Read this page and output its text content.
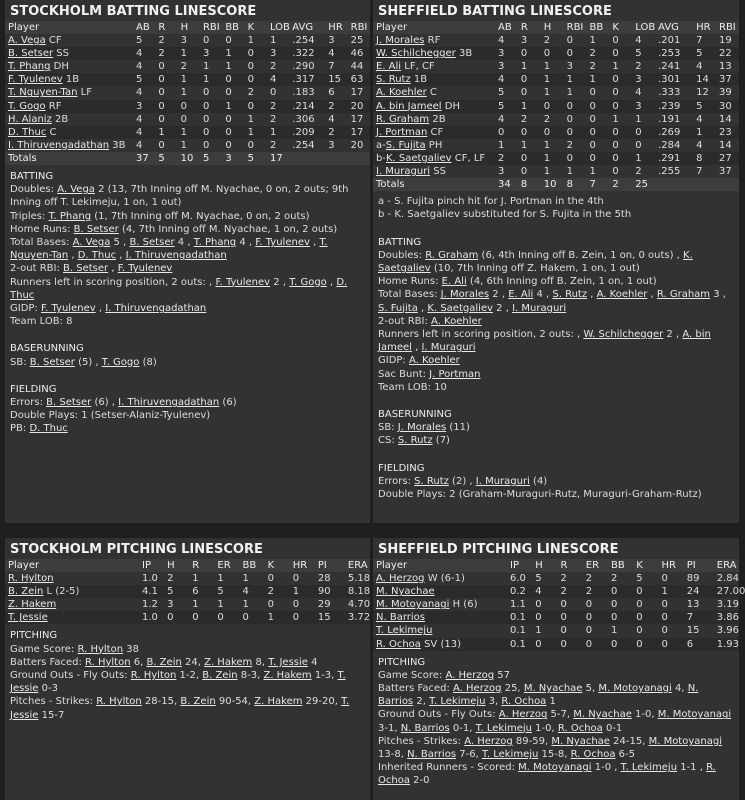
STOCKHOLM BATTING LINESCORE
Player	AB	R	H	RBI	BB	K	LOB	AVG	HR	RBI
A. Vega CF	5	2	3	0	0	1	1	.254	3	25
B. Setser SS	4	2	1	3	1	0	3	.322	4	46
T. Phang DH	4	0	2	1	1	0	2	.290	7	44
F. Tyulenev 1B	5	0	1	1	0	0	4	.317	15	63
T. Nguyen-Tan LF	4	0	1	0	0	2	0	.183	6	17
T. Gogo RF	3	0	0	0	1	0	2	.214	2	20
H. Alaniz 2B	4	0	0	0	0	1	2	.306	4	17
D. Thuc C	4	1	1	0	0	1	1	.209	2	17
I. Thiruvengadathan 3B	4	0	1	0	0	0	2	.254	3	20
Totals	37	5	10	5	3	5	17			
BATTING
Doubles: A. Vega 2 (13, 7th Inning off M. Nyachae, 0 on, 2 outs; 9th Inning off T. Lekimeju, 1 on, 1 out)
Triples: T. Phang (1, 7th Inning off M. Nyachae, 0 on, 2 outs)
Home Runs: B. Setser (4, 7th Inning off M. Nyachae, 1 on, 2 outs)
Total Bases: A. Vega 5 , B. Setser 4 , T. Phang 4 , F. Tyulenev , T. Nguyen-Tan , D. Thuc , I. Thiruvengadathan
2-out RBI: B. Setser , F. Tyulenev
Runners left in scoring position, 2 outs: , F. Tyulenev 2 , T. Gogo , D. Thuc
GIDP: F. Tyulenev , I. Thiruvengadathan
Team LOB: 8
BASERUNNING
SB: B. Setser (5) , T. Gogo (8)
FIELDING
Errors: B. Setser (6) , I. Thiruvengadathan (6)
Double Plays: 1 (Setser-Alaniz-Tyulenev)
PB: D. Thuc
SHEFFIELD BATTING LINESCORE
Player	AB	R	H	RBI	BB	K	LOB	AVG	HR	RBI
J. Morales RF	4	3	2	0	1	0	4	.201	7	19
W. Schilchegger 3B	3	0	0	0	2	0	5	.253	5	22
E. Ali LF, CF	3	1	1	3	2	1	2	.241	4	13
S. Rutz 1B	4	0	1	1	1	0	3	.301	14	37
A. Koehler C	5	0	1	1	0	0	4	.333	12	39
A. bin Jameel DH	5	1	0	0	0	0	3	.239	5	30
R. Graham 2B	4	2	2	0	0	1	1	.191	4	14
J. Portman CF	0	0	0	0	0	0	0	.269	1	23
a-S. Fujita PH	1	1	1	2	0	0	0	.284	4	14
b-K. Saetgaliev CF, LF	2	0	1	0	0	0	1	.291	8	27
I. Muraguri SS	3	0	1	1	1	0	2	.255	7	37
Totals	34	8	10	8	7	2	25			
a - S. Fujita pinch hit for J. Portman in the 4th
b - K. Saetgaliev substituted for S. Fujita in the 5th
BATTING
Doubles: R. Graham (6, 4th Inning off B. Zein, 1 on, 0 outs) , K. Saetgaliev (10, 7th Inning off Z. Hakem, 1 on, 1 out)
Home Runs: E. Ali (4, 6th Inning off B. Zein, 1 on, 1 out)
Total Bases: J. Morales 2 , E. Ali 4 , S. Rutz , A. Koehler , R. Graham 3 , S. Fujita , K. Saetgaliev 2 , I. Muraguri
2-out RBI: A. Koehler
Runners left in scoring position, 2 outs: , W. Schilchegger 2 , A. bin Jameel , I. Muraguri
GIDP: A. Koehler
Sac Bunt: J. Portman
Team LOB: 10
BASERUNNING
SB: J. Morales (11)
CS: S. Rutz (7)
FIELDING
Errors: S. Rutz (2) , I. Muraguri (4)
Double Plays: 2 (Graham-Muraguri-Rutz, Muraguri-Graham-Rutz)
STOCKHOLM PITCHING LINESCORE
Player	IP	H	R	ER	BB	K	HR	PI	ERA
R. Hylton	1.0	2	1	1	1	0	0	28	5.18
B. Zein L (2-5)	4.1	5	6	5	4	2	1	90	8.18
Z. Hakem	1.2	3	1	1	1	0	0	29	4.70
T. Jessie	1.0	0	0	0	0	1	0	15	3.72
PITCHING
Game Score: R. Hylton 38
Batters Faced: R. Hylton 6, B. Zein 24, Z. Hakem 8, T. Jessie 4
Ground Outs - Fly Outs: R. Hylton 1-2, B. Zein 8-3, Z. Hakem 1-3, T. Jessie 0-3
Pitches - Strikes: R. Hylton 28-15, B. Zein 90-54, Z. Hakem 29-20, T. Jessie 15-7
SHEFFIELD PITCHING LINESCORE
Player	IP	H	R	ER	BB	K	HR	PI	ERA
A. Herzog W (6-1)	6.0	5	2	2	2	5	0	89	2.84
M. Nyachae	0.2	4	2	2	0	0	1	24	27.00
M. Motoyanagi H (6)	1.1	0	0	0	0	0	0	13	3.19
N. Barrios	0.1	0	0	0	0	0	0	7	3.86
T. Lekimeju	0.1	1	0	0	1	0	0	15	3.96
R. Ochoa SV (13)	0.1	0	0	0	0	0	0	6	1.93
PITCHING
Game Score: A. Herzog 57
Batters Faced: A. Herzog 25, M. Nyachae 5, M. Motoyanagi 4, N. Barrios 2, T. Lekimeju 3, R. Ochoa 1
Ground Outs - Fly Outs: A. Herzog 5-7, M. Nyachae 1-0, M. Motoyanagi 3-1, N. Barrios 0-1, T. Lekimeju 1-0, R. Ochoa 0-1
Pitches - Strikes: A. Herzog 89-59, M. Nyachae 24-15, M. Motoyanagi 13-8, N. Barrios 7-6, T. Lekimeju 15-8, R. Ochoa 6-5
Inherited Runners - Scored: M. Motoyanagi 1-0 , T. Lekimeju 1-1 , R. Ochoa 2-0
